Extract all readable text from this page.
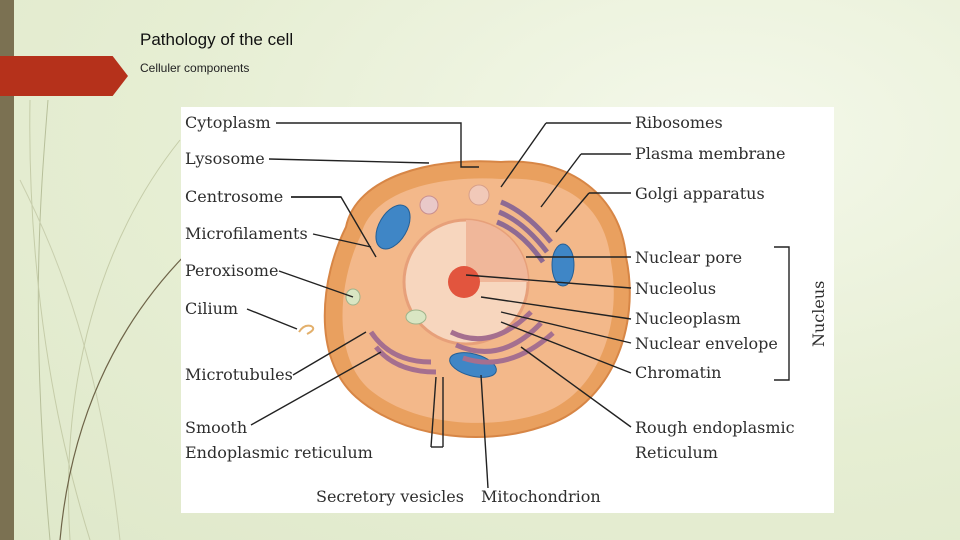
Pathology of the cell
Celluler components
Cytoplasm
Lysosome
Centrosome
Microfilaments
Peroxisome
Cilium
Microtubules
Smooth
Endoplasmic reticulum
Ribosomes
Plasma membrane
Golgi apparatus
Nuclear pore
Nucleolus
Nucleoplasm
Nuclear envelope
Chromatin
Rough endoplasmic
Reticulum
Secretory vesicles Mitochondrion
Nucleus
